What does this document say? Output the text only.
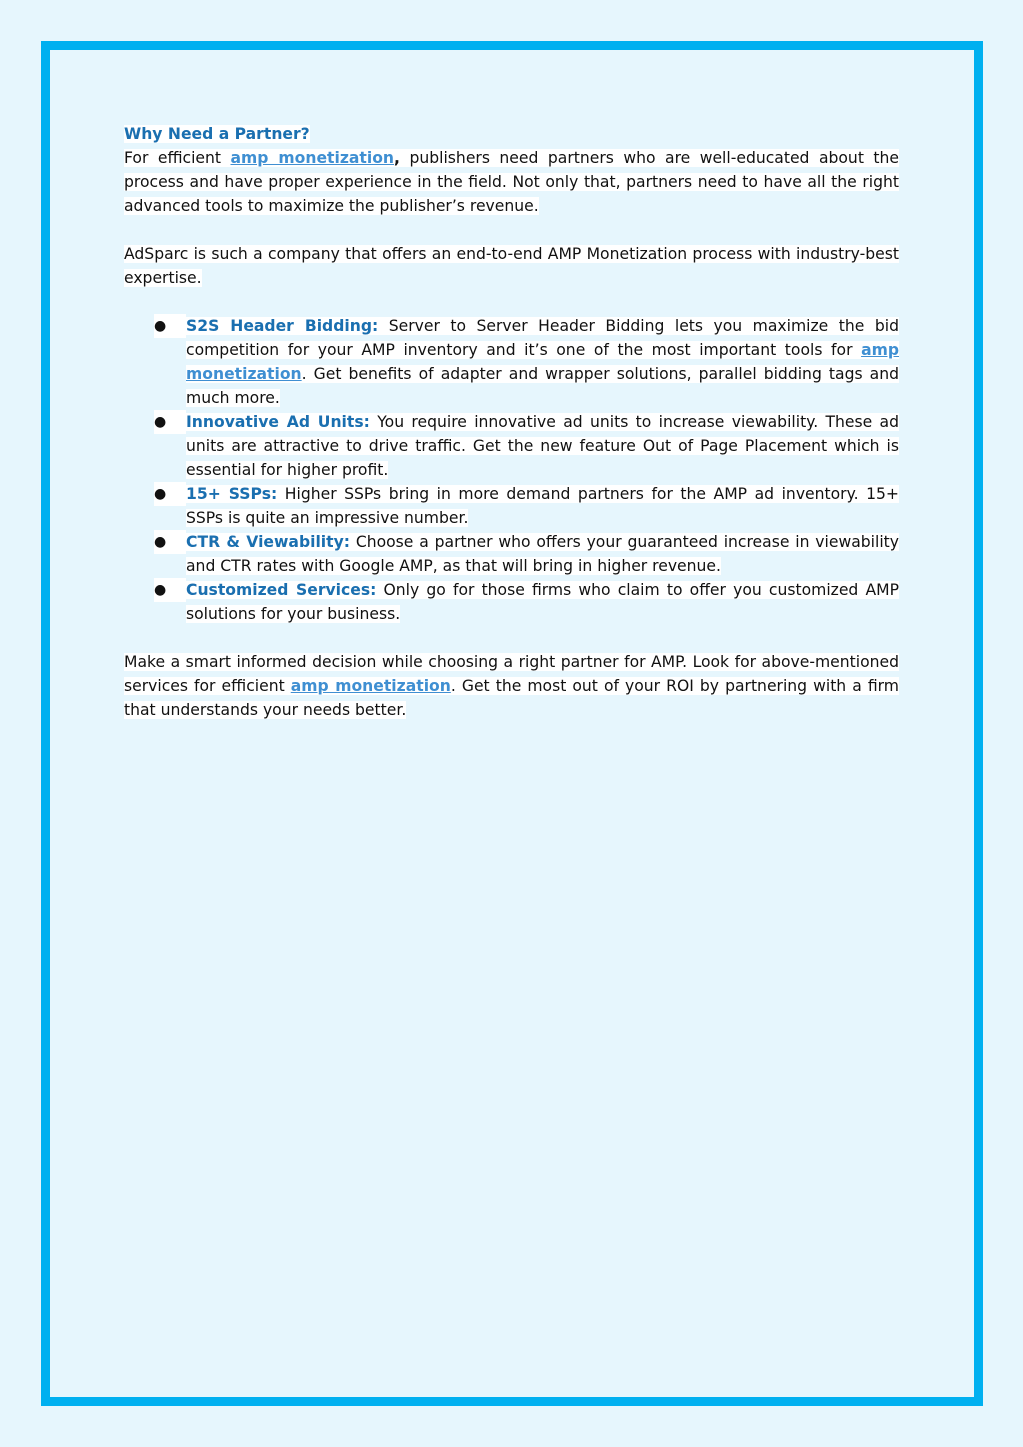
Why Need a Partner?

For efficient amp monetization, publishers need partners who are well-educated about the process and have proper experience in the field. Not only that, partners need to have all the right advanced tools to maximize the publisher’s revenue.

AdSparc is such a company that offers an end-to-end AMP Monetization process with industry-best expertise.

●	S2S Header Bidding: Server to Server Header Bidding lets you maximize the bid competition for your AMP inventory and it’s one of the most important tools for amp monetization. Get benefits of adapter and wrapper solutions, parallel bidding tags and much more.
●	Innovative Ad Units: You require innovative ad units to increase viewability. These ad units are attractive to drive traffic. Get the new feature Out of Page Placement which is essential for higher profit.
●	15+ SSPs: Higher SSPs bring in more demand partners for the AMP ad inventory. 15+ SSPs is quite an impressive number.
●	CTR & Viewability: Choose a partner who offers your guaranteed increase in viewability and CTR rates with Google AMP, as that will bring in higher revenue.
●	Customized Services: Only go for those firms who claim to offer you customized AMP solutions for your business.

Make a smart informed decision while choosing a right partner for AMP. Look for above-mentioned services for efficient amp monetization. Get the most out of your ROI by partnering with a firm that understands your needs better.
